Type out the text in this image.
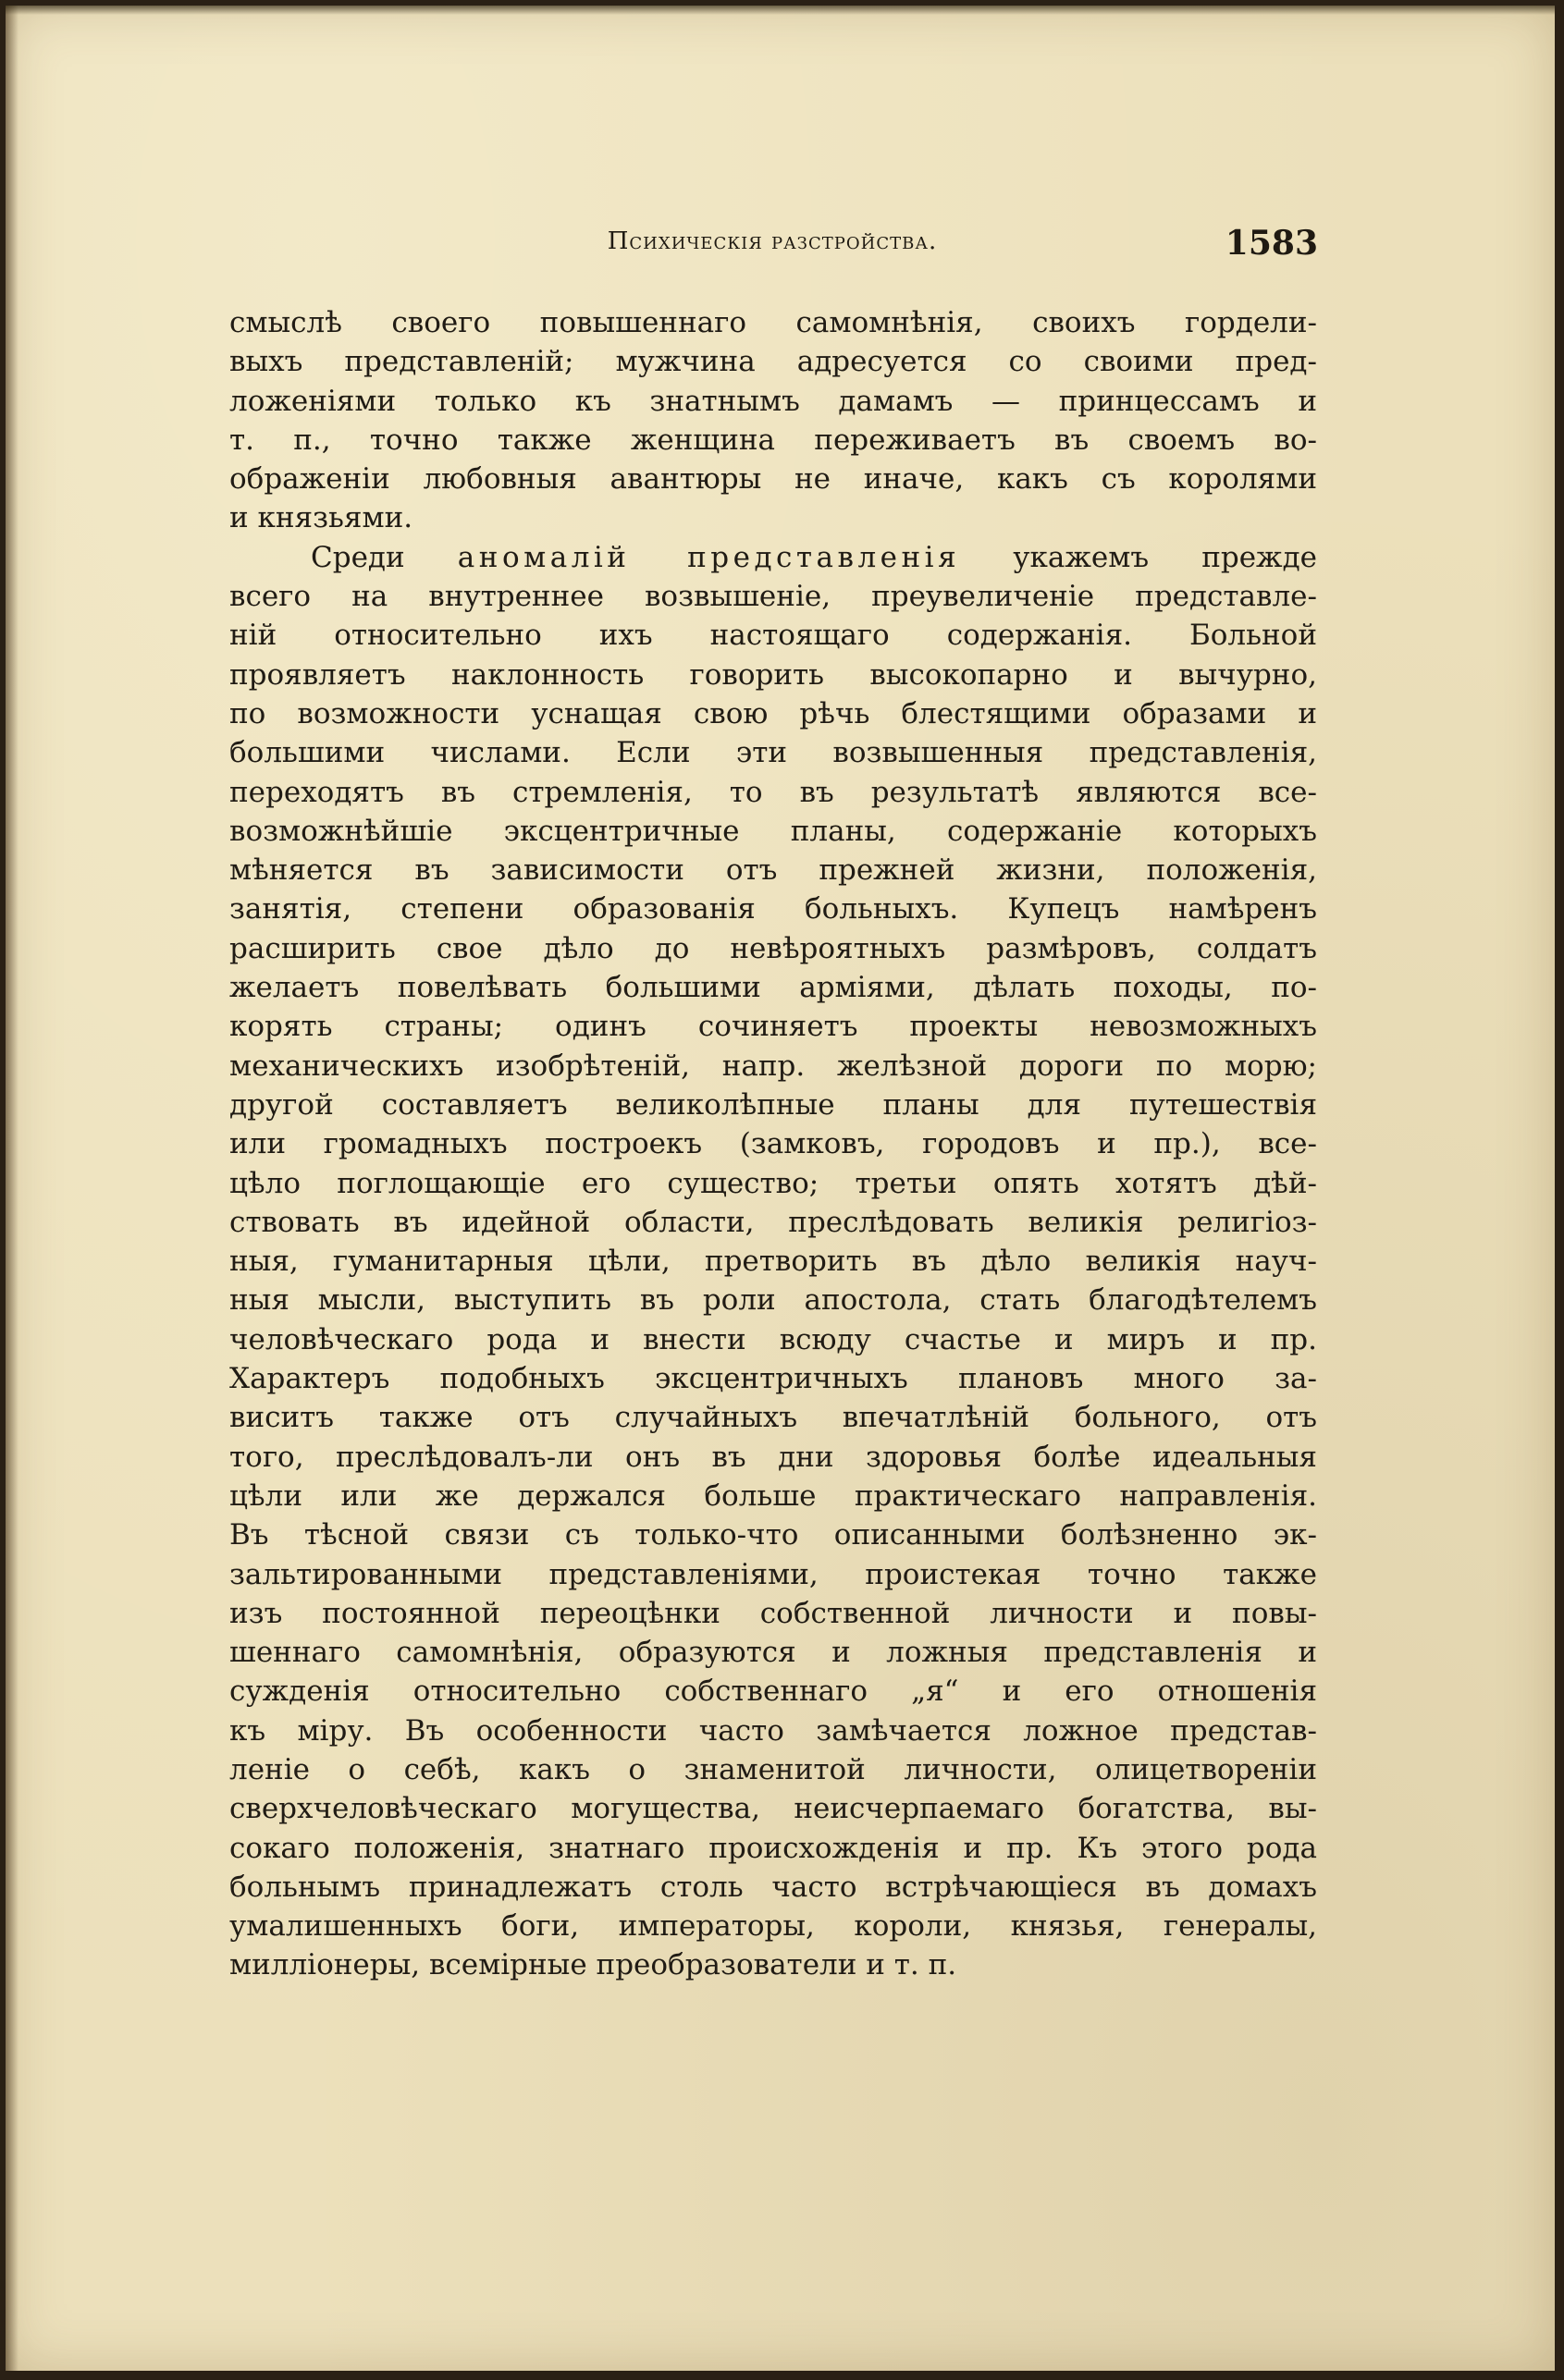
Психическія разстройства.	1583
смыслѣ своего повышеннаго самомнѣнія, своихъ гордели-
выхъ представленій; мужчина адресуется со своими пред-
ложеніями только къ знатнымъ дамамъ — принцессамъ и
т. п., точно также женщина переживаетъ въ своемъ во-
ображеніи любовныя авантюры не иначе, какъ съ королями
и князьями.
Среди аномалій представленія укажемъ прежде
всего на внутреннее возвышеніе, преувеличеніе представле-
ній относительно ихъ настоящаго содержанія. Больной
проявляетъ наклонность говорить высокопарно и вычурно,
по возможности уснащая свою рѣчь блестящими образами и
большими числами. Если эти возвышенныя представленія,
переходятъ въ стремленія, то въ результатѣ являются все-
возможнѣйшіе эксцентричные планы, содержаніе которыхъ
мѣняется въ зависимости отъ прежней жизни, положенія,
занятія, степени образованія больныхъ. Купецъ намѣренъ
расширить свое дѣло до невѣроятныхъ размѣровъ, солдатъ
желаетъ повелѣвать большими арміями, дѣлать походы, по-
корять страны; одинъ сочиняетъ проекты невозможныхъ
механическихъ изобрѣтеній, напр. желѣзной дороги по морю;
другой составляетъ великолѣпные планы для путешествія
или громадныхъ построекъ (замковъ, городовъ и пр.), все-
цѣло поглощающіе его существо; третьи опять хотятъ дѣй-
ствовать въ идейной области, преслѣдовать великія религіоз-
ныя, гуманитарныя цѣли, претворить въ дѣло великія науч-
ныя мысли, выступить въ роли апостола, стать благодѣтелемъ
человѣческаго рода и внести всюду счастье и миръ и пр.
Характеръ подобныхъ эксцентричныхъ плановъ много за-
виситъ также отъ случайныхъ впечатлѣній больного, отъ
того, преслѣдовалъ-ли онъ въ дни здоровья болѣе идеальныя
цѣли или же держался больше практическаго направленія.
Въ тѣсной связи съ только-что описанными болѣзненно эк-
зальтированными представленіями, проистекая точно также
изъ постоянной переоцѣнки собственной личности и повы-
шеннаго самомнѣнія, образуются и ложныя представленія и
сужденія относительно собственнаго „я“ и его отношенія
къ міру. Въ особенности часто замѣчается ложное представ-
леніе о себѣ, какъ о знаменитой личности, олицетвореніи
сверхчеловѣческаго могущества, неисчерпаемаго богатства, вы-
сокаго положенія, знатнаго происхожденія и пр. Къ этого рода
больнымъ принадлежатъ столь часто встрѣчающіеся въ домахъ
умалишенныхъ боги, императоры, короли, князья, генералы,
милліонеры, всемірные преобразователи и т. п.
